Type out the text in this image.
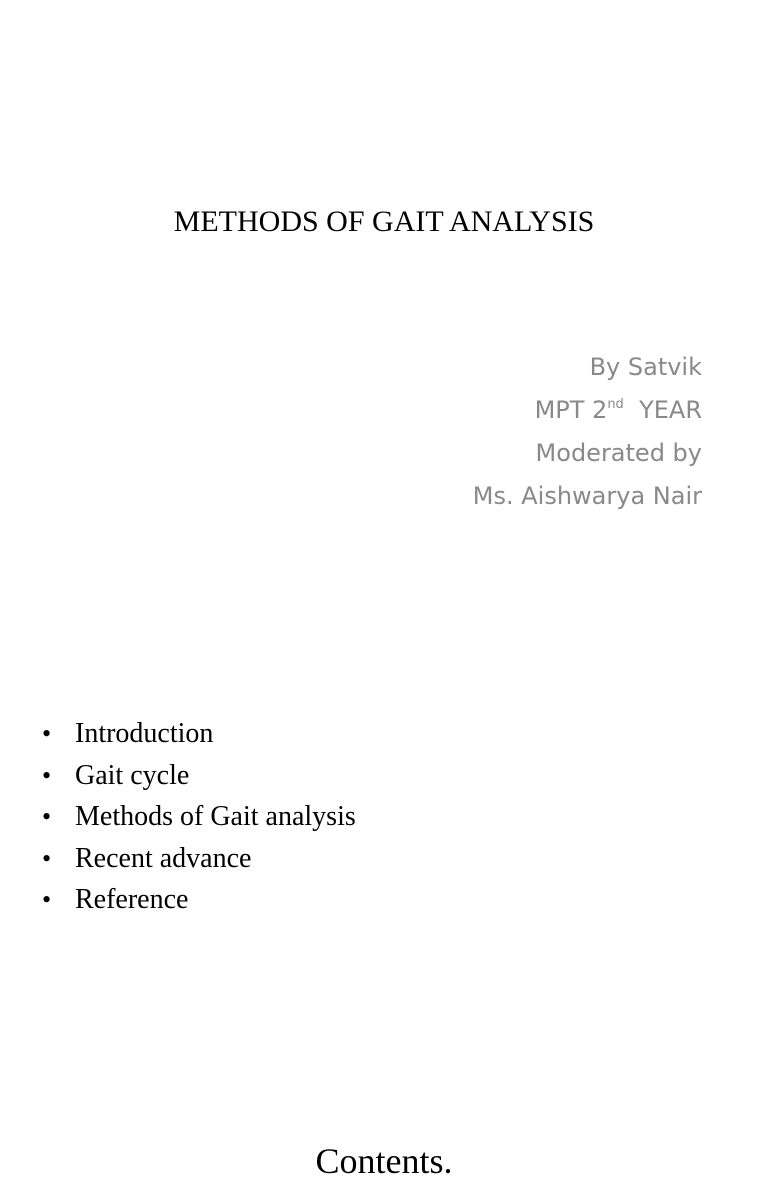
METHODS OF GAIT ANALYSIS
By Satvik
MPT 2nd  YEAR
Moderated by
Ms. Aishwarya Nair
Contents.
• Introduction
• Gait cycle
• Methods of Gait analysis
• Recent advance
• Reference
